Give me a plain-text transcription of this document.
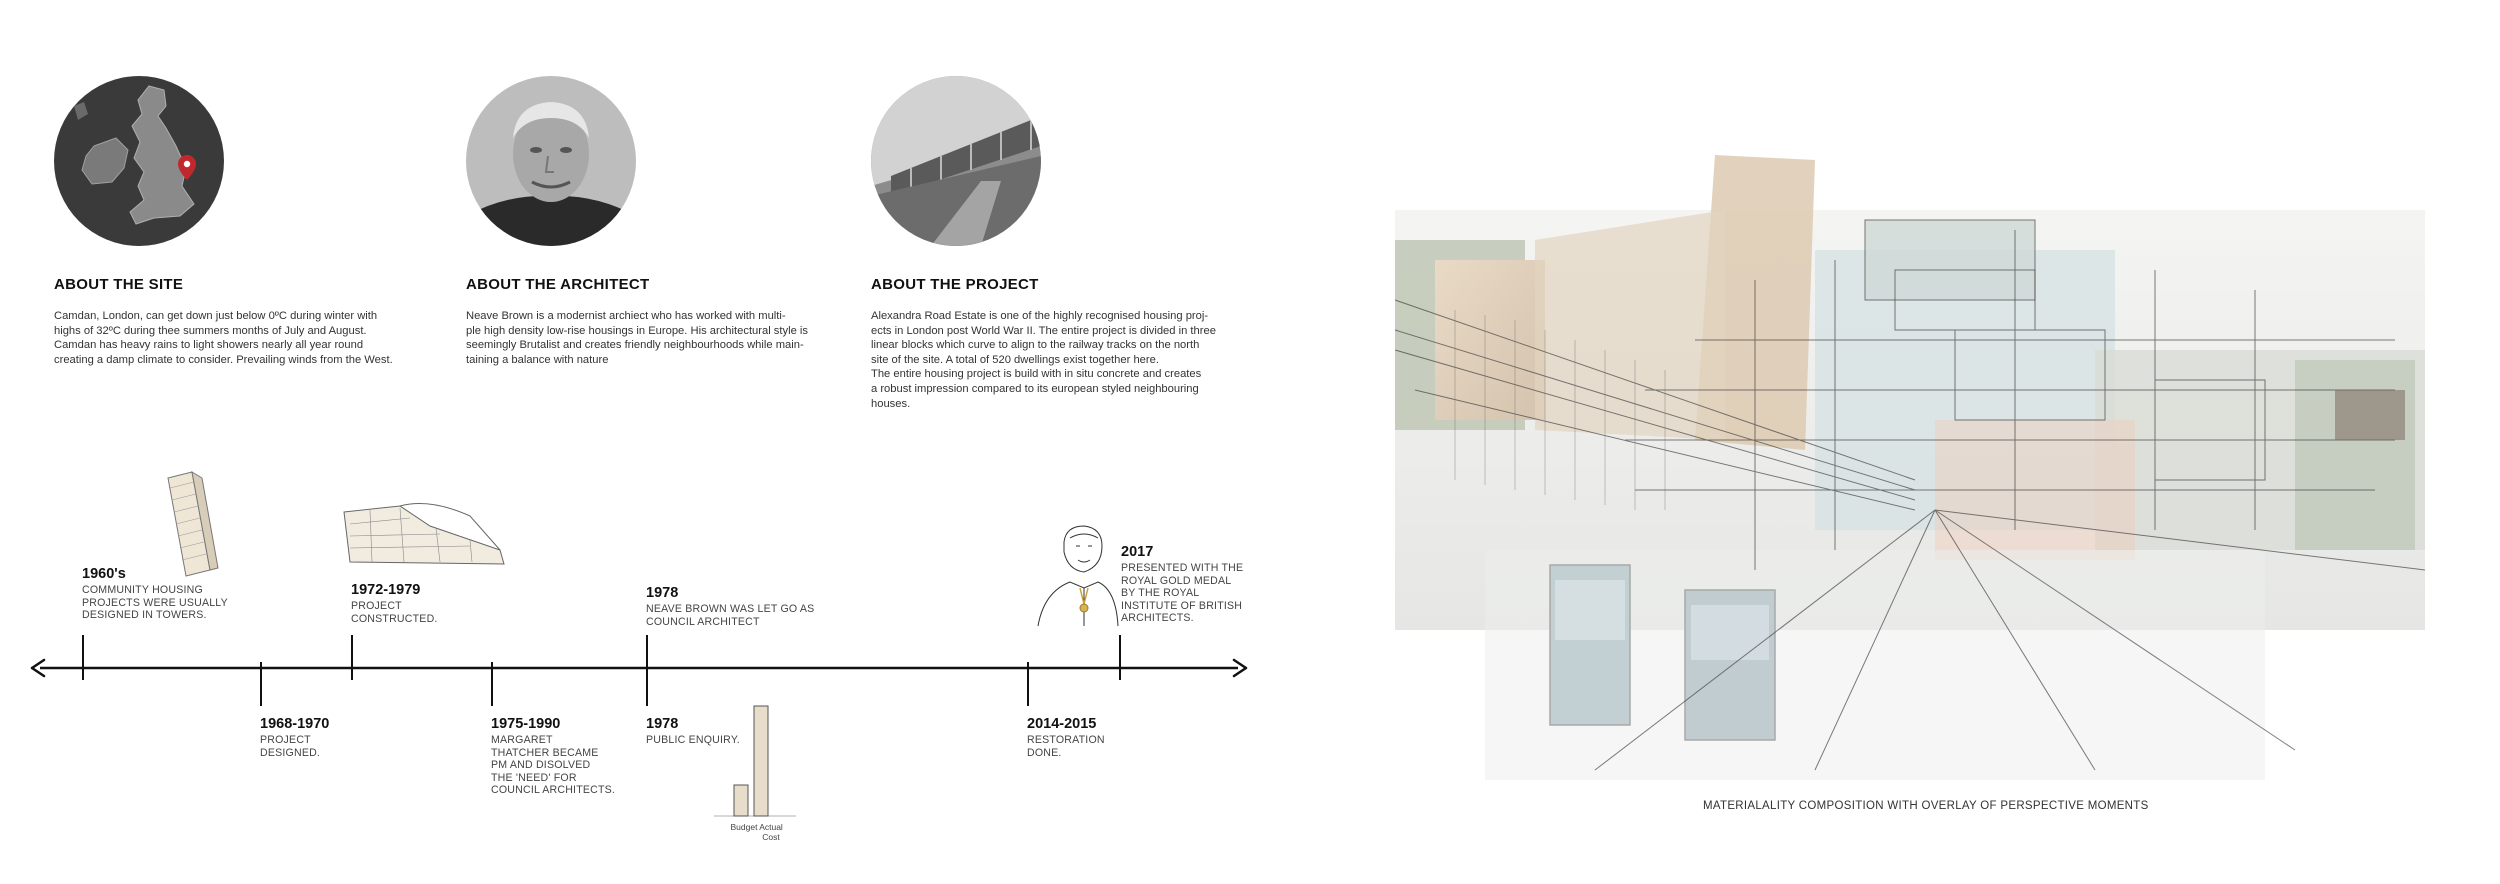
ABOUT THE SITE
Camdan, London, can get down just below 0ºC during winter with
highs of 32ºC during thee summers months of July and August.
Camdan has heavy rains to light showers nearly all year round
creating a damp climate to consider. Prevailing winds from the West.
ABOUT THE ARCHITECT
Neave Brown is a modernist archiect who has worked with multi-
ple high density low-rise housings in Europe. His architectural style is
seemingly Brutalist and creates friendly neighbourhoods while main-
taining a balance with nature
ABOUT THE PROJECT
Alexandra Road Estate is one of the highly recognised housing proj-
ects in London post World War II. The entire project is divided in three
linear blocks which curve to align to the railway tracks on the north
site of the site. A total of 520 dwellings exist together here.
The entire housing project is build with in situ concrete and creates
a robust impression compared to its european styled neighbouring
houses.
Budget Actual
Cost
1960's
COMMUNITY HOUSING
PROJECTS WERE USUALLY
DESIGNED IN TOWERS.
1972-1979
PROJECT
CONSTRUCTED.
1978
NEAVE BROWN WAS LET GO AS
COUNCIL ARCHITECT
2017
PRESENTED WITH THE
ROYAL GOLD MEDAL
BY THE ROYAL
INSTITUTE OF BRITISH
ARCHITECTS.
1968-1970
PROJECT
DESIGNED.
1975-1990
MARGARET
THATCHER BECAME
PM AND DISOLVED
THE 'NEED' FOR
COUNCIL ARCHITECTS.
1978
PUBLIC ENQUIRY.
2014-2015
RESTORATION
DONE.
MATERIALALITY COMPOSITION WITH OVERLAY OF PERSPECTIVE MOMENTS
